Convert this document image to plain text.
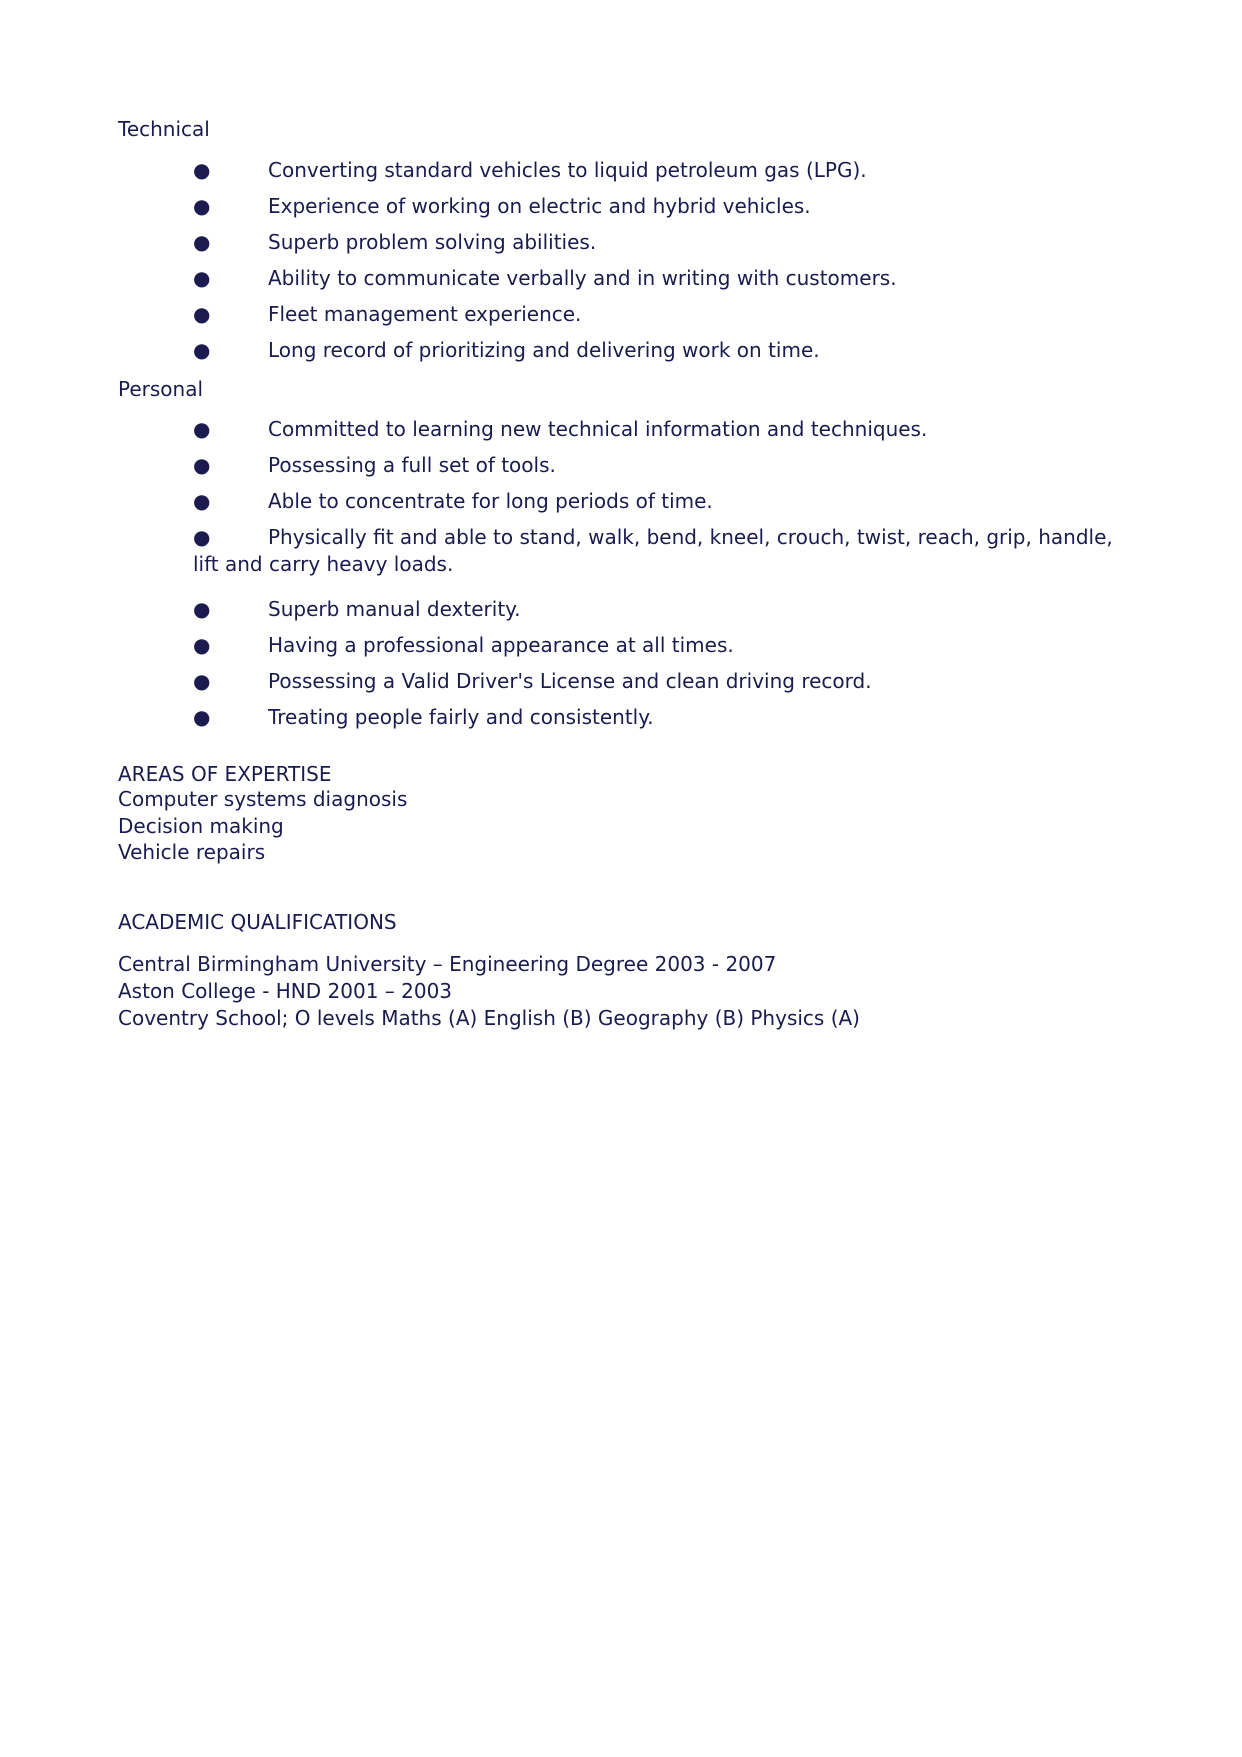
Technical
●	Converting standard vehicles to liquid petroleum gas (LPG).
●	Experience of working on electric and hybrid vehicles.
●	Superb problem solving abilities.
●	Ability to communicate verbally and in writing with customers.
●	Fleet management experience.
●	Long record of prioritizing and delivering work on time.
Personal
●	Committed to learning new technical information and techniques.
●	Possessing a full set of tools.
●	Able to concentrate for long periods of time.
●	Physically fit and able to stand, walk, bend, kneel, crouch, twist, reach, grip, handle, lift and carry heavy loads.
●	Superb manual dexterity.
●	Having a professional appearance at all times.
●	Possessing a Valid Driver's License and clean driving record.
●	Treating people fairly and consistently.
AREAS OF EXPERTISE
Computer systems diagnosis
Decision making
Vehicle repairs
ACADEMIC QUALIFICATIONS
Central Birmingham University – Engineering Degree 2003 - 2007
Aston College - HND 2001 – 2003
Coventry School; O levels Maths (A) English (B) Geography (B) Physics (A)
